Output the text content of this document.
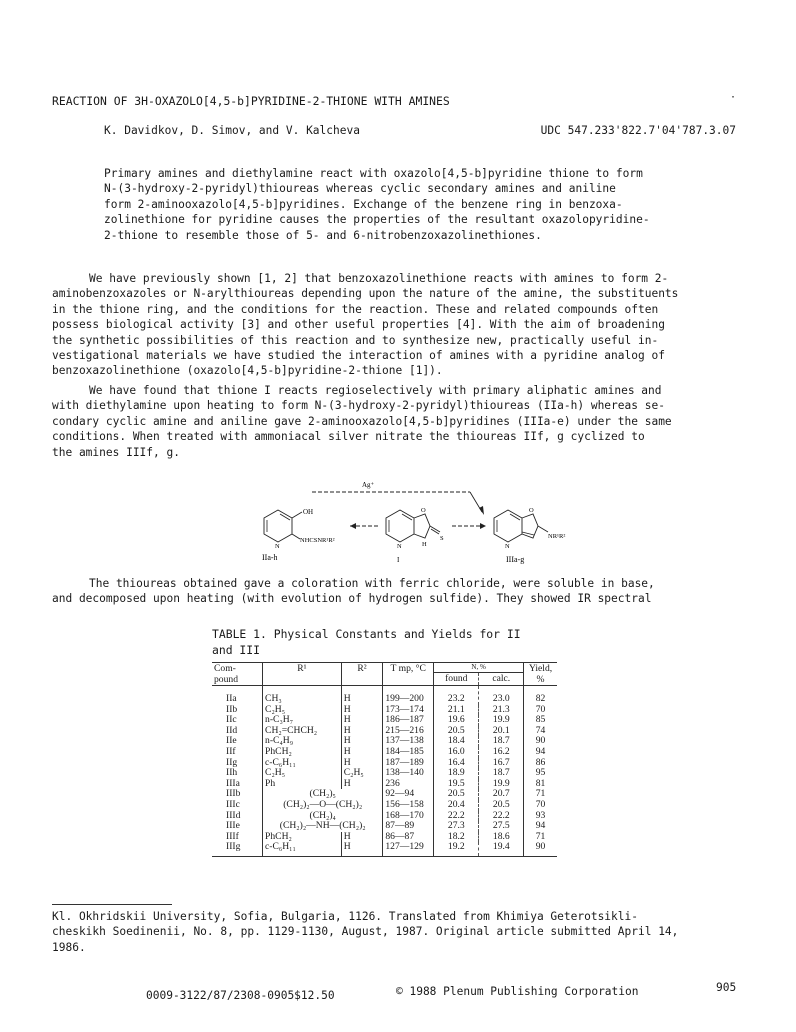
·
REACTION OF 3H-OXAZOLO[4,5-b]PYRIDINE-2-THIONE WITH AMINES
K. Davidkov, D. Simov, and V. Kalcheva	UDC 547.233'822.7'04'787.3.07

Primary amines and diethylamine react with oxazolo[4,5-b]pyridine thione to form

N-(3-hydroxy-2-pyridyl)thioureas whereas cyclic secondary amines and aniline

form 2-aminooxazolo[4,5-b]pyridines. Exchange of the benzene ring in benzoxa-

zolinethione for pyridine causes the properties of the resultant oxazolopyridine-

2-thione to resemble those of 5- and 6-nitrobenzoxazolinethiones.

We have previously shown [1, 2] that benzoxazolinethione reacts with amines to form 2-

aminobenzoxazoles or N-arylthioureas depending upon the nature of the amine, the substituents

in the thione ring, and the conditions for the reaction. These and related compounds often

possess biological activity [3] and other useful properties [4]. With the aim of broadening

the synthetic possibilities of this reaction and to synthesize new, practically useful in-

vestigational materials we have studied the interaction of amines with a pyridine analog of

benzoxazolinethione (oxazolo[4,5-b]pyridine-2-thione [1]).

We have found that thione I reacts regioselectively with primary aliphatic amines and

with diethylamine upon heating to form N-(3-hydroxy-2-pyridyl)thioureas (IIa-h) whereas se-

condary cyclic amine and aniline gave 2-aminooxazolo[4,5-b]pyridines (IIIa-e) under the same

conditions. When treated with ammoniacal silver nitrate the thioureas IIf, g cyclized to

the amines IIIf, g.

Ag⁺
OH
NHCSNR¹R²
N
IIa-h
S
O
N	H
I
O
N
NR¹R²
IIIa-g

The thioureas obtained gave a coloration with ferric chloride, were soluble in base,

and decomposed upon heating (with evolution of hydrogen sulfide). They showed IR spectral

TABLE 1. Physical Constants and Yields for II
and III
Com-
pound	R¹	R²	T mp, °C	N, %		Yield, %
				found	calc.	
IIa	CH₃	H	199—200	23.2	23.0	82
IIb	C₂H₅	H	173—174	21.1	21.3	70
IIc	n-C₃H₇	H	186—187	19.6	19.9	85
IId	CH₂=CHCH₂	H	215—216	20.5	20.1	74
IIe	n-C₄H₉	H	137—138	18.4	18.7	90
IIf	PhCH₂	H	184—185	16.0	16.2	94
IIg	c-C₆H₁₁	H	187—189	16.4	16.7	86
IIh	C₂H₅	C₂H₅	138—140	18.9	18.7	95
IIIa	Ph	H	236	19.5	19.9	81
IIIb	(CH₂)₅		92—94	20.5	20.7	71
IIIc	(CH₂)₂—O—(CH₂)₂		156—158	20.4	20.5	70
IIId	(CH₂)₄		168—170	22.2	22.2	93
IIIe	(CH₂)₂—NH—(CH₂)₂		87—89	27.3	27.5	94
IIIf	PhCH₂	H	86—87	18.2	18.6	71
IIIg	c-C₆H₁₁	H	127—129	19.2	19.4	90

Kl. Okhridskii University, Sofia, Bulgaria, 1126. Translated from Khimiya Geterotsikli-

cheskikh Soedinenii, No. 8, pp. 1129-1130, August, 1987. Original article submitted April 14,

1986.

0009-3122/87/2308-0905$12.50	© 1988 Plenum Publishing Corporation	905
